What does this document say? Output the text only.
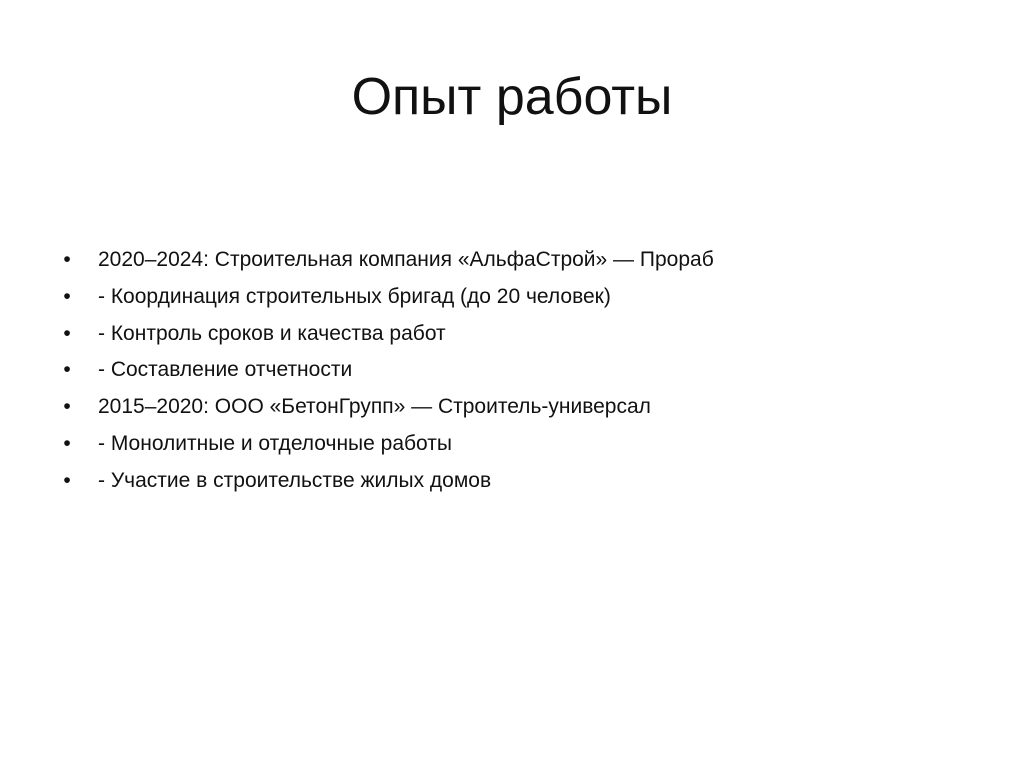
Опыт работы
• 2020–2024: Строительная компания «АльфаСтрой» — Прораб
• - Координация строительных бригад (до 20 человек)
• - Контроль сроков и качества работ
• - Составление отчетности
• 2015–2020: ООО «БетонГрупп» — Строитель-универсал
• - Монолитные и отделочные работы
• - Участие в строительстве жилых домов
